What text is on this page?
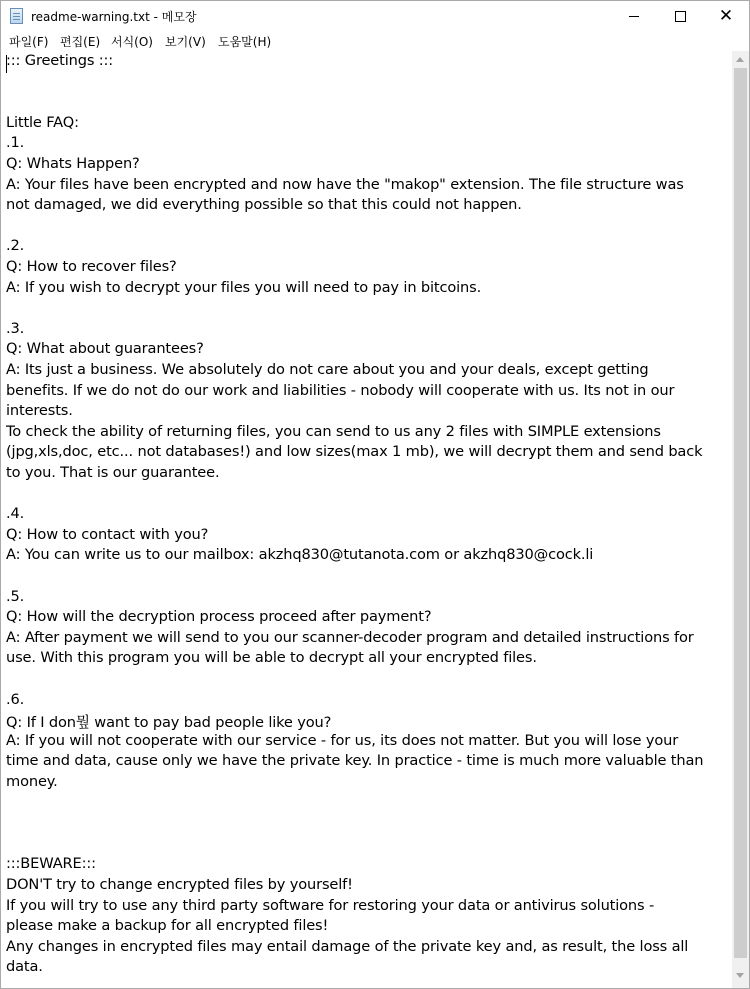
readme-warning.txt - 메모장	✕
파일(F) 편집(E) 서식(O) 보기(V) 도움말(H)
::: Greetings :::
Little FAQ:
.1.
Q: Whats Happen?
A: Your files have been encrypted and now have the "makop" extension. The file structure was
not damaged, we did everything possible so that this could not happen.
.2.
Q: How to recover files?
A: If you wish to decrypt your files you will need to pay in bitcoins.
.3.
Q: What about guarantees?
A: Its just a business. We absolutely do not care about you and your deals, except getting
benefits. If we do not do our work and liabilities - nobody will cooperate with us. Its not in our
interests.
To check the ability of returning files, you can send to us any 2 files with SIMPLE extensions
(jpg,xls,doc, etc... not databases!) and low sizes(max 1 mb), we will decrypt them and send back
to you. That is our guarantee.
.4.
Q: How to contact with you?
A: You can write us to our mailbox: akzhq830@tutanota.com or akzhq830@cock.li
.5.
Q: How will the decryption process proceed after payment?
A: After payment we will send to you our scanner-decoder program and detailed instructions for
use. With this program you will be able to decrypt all your encrypted files.
.6.
Q: If I don뭪 want to pay bad people like you?
A: If you will not cooperate with our service - for us, its does not matter. But you will lose your
time and data, cause only we have the private key. In practice - time is much more valuable than
money.
:::BEWARE:::
DON'T try to change encrypted files by yourself!
If you will try to use any third party software for restoring your data or antivirus solutions -
please make a backup for all encrypted files!
Any changes in encrypted files may entail damage of the private key and, as result, the loss all
data.
